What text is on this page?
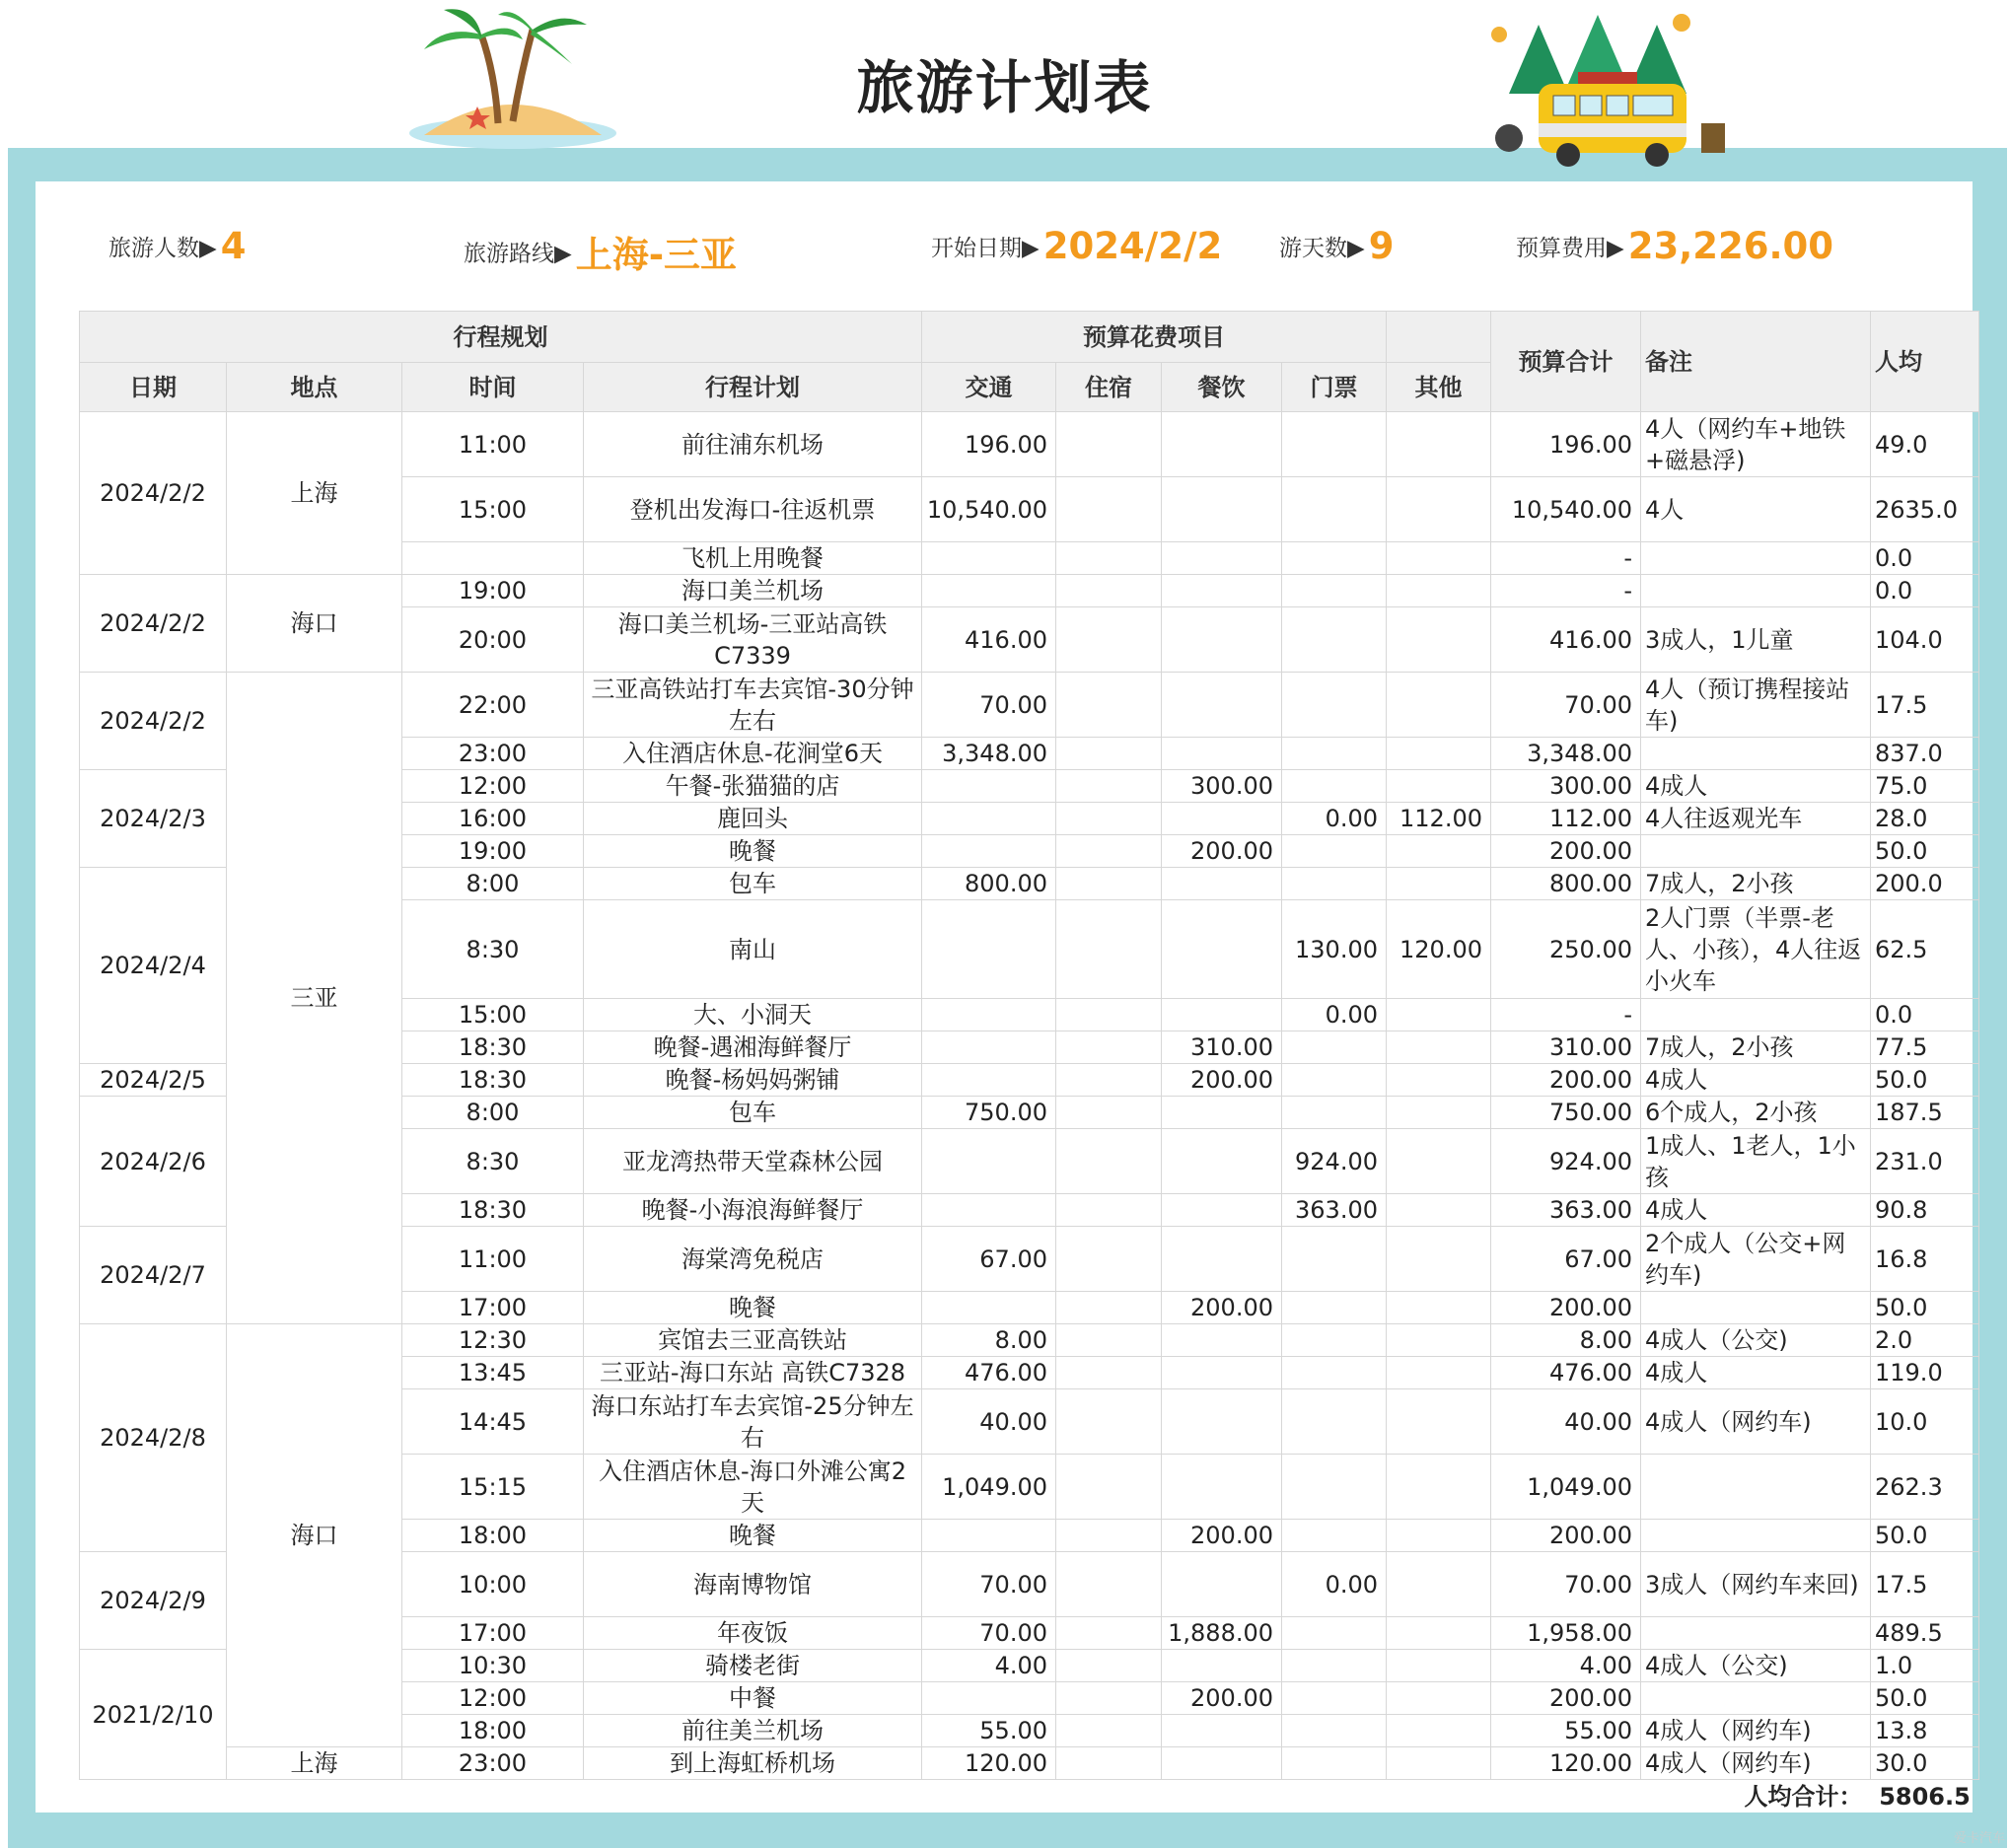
旅游计划表
旅游人数▶ 4	旅游路线▶ 上海-三亚	开始日期▶ 2024/2/2	游天数▶ 9	预算费用▶ 23,226.00
行程规划				预算花费项目					预算合计	备注	人均
日期	地点	时间	行程计划	交通	住宿	餐饮	门票	其他			
2024/2/2	上海	11:00	前往浦东机场	196.00					196.00	4人（网约车+地铁+磁悬浮)	49.0
		15:00	登机出发海口-往返机票	10,540.00					10,540.00	4人	2635.0
			飞机上用晚餐						-		0.0
2024/2/2	海口	19:00	海口美兰机场						-		0.0
		20:00	海口美兰机场-三亚站高铁C7339	416.00					416.00	3成人，1儿童	104.0
2024/2/2	三亚	22:00	三亚高铁站打车去宾馆-30分钟左右	70.00					70.00	4人（预订携程接站车)	17.5
		23:00	入住酒店休息-花涧堂6天	3,348.00					3,348.00		837.0
2024/2/3		12:00	午餐-张猫猫的店			300.00			300.00	4成人	75.0
		16:00	鹿回头				0.00	112.00	112.00	4人往返观光车	28.0
		19:00	晚餐			200.00			200.00		50.0
2024/2/4		8:00	包车	800.00					800.00	7成人，2小孩	200.0
		8:30	南山				130.00	120.00	250.00	2人门票（半票-老人、小孩），4人往返小火车	62.5
		15:00	大、小洞天				0.00		-		0.0
		18:30	晚餐-遇湘海鲜餐厅			310.00			310.00	7成人，2小孩	77.5
2024/2/5		18:30	晚餐-杨妈妈粥铺			200.00			200.00	4成人	50.0
2024/2/6		8:00	包车	750.00					750.00	6个成人，2小孩	187.5
		8:30	亚龙湾热带天堂森林公园				924.00		924.00	1成人、1老人，1小孩	231.0
		18:30	晚餐-小海浪海鲜餐厅				363.00		363.00	4成人	90.8
2024/2/7		11:00	海棠湾免税店	67.00					67.00	2个成人（公交+网约车)	16.8
		17:00	晚餐			200.00			200.00		50.0
2024/2/8	海口	12:30	宾馆去三亚高铁站	8.00					8.00	4成人（公交)	2.0
		13:45	三亚站-海口东站 高铁C7328	476.00					476.00	4成人	119.0
		14:45	海口东站打车去宾馆-25分钟左右	40.00					40.00	4成人（网约车)	10.0
		15:15	入住酒店休息-海口外滩公寓2天	1,049.00					1,049.00		262.3
		18:00	晚餐			200.00			200.00		50.0
2024/2/9		10:00	海南博物馆	70.00			0.00		70.00	3成人（网约车来回)	17.5
		17:00	年夜饭	70.00		1,888.00			1,958.00		489.5
2021/2/10		10:30	骑楼老街	4.00					4.00	4成人（公交)	1.0
		12:00	中餐			200.00			200.00		50.0
		18:00	前往美兰机场	55.00					55.00	4成人（网约车)	13.8
	上海	23:00	到上海虹桥机场	120.00					120.00	4成人（网约车)	30.0
										人均合计：	5806.5
爱卡汽车
